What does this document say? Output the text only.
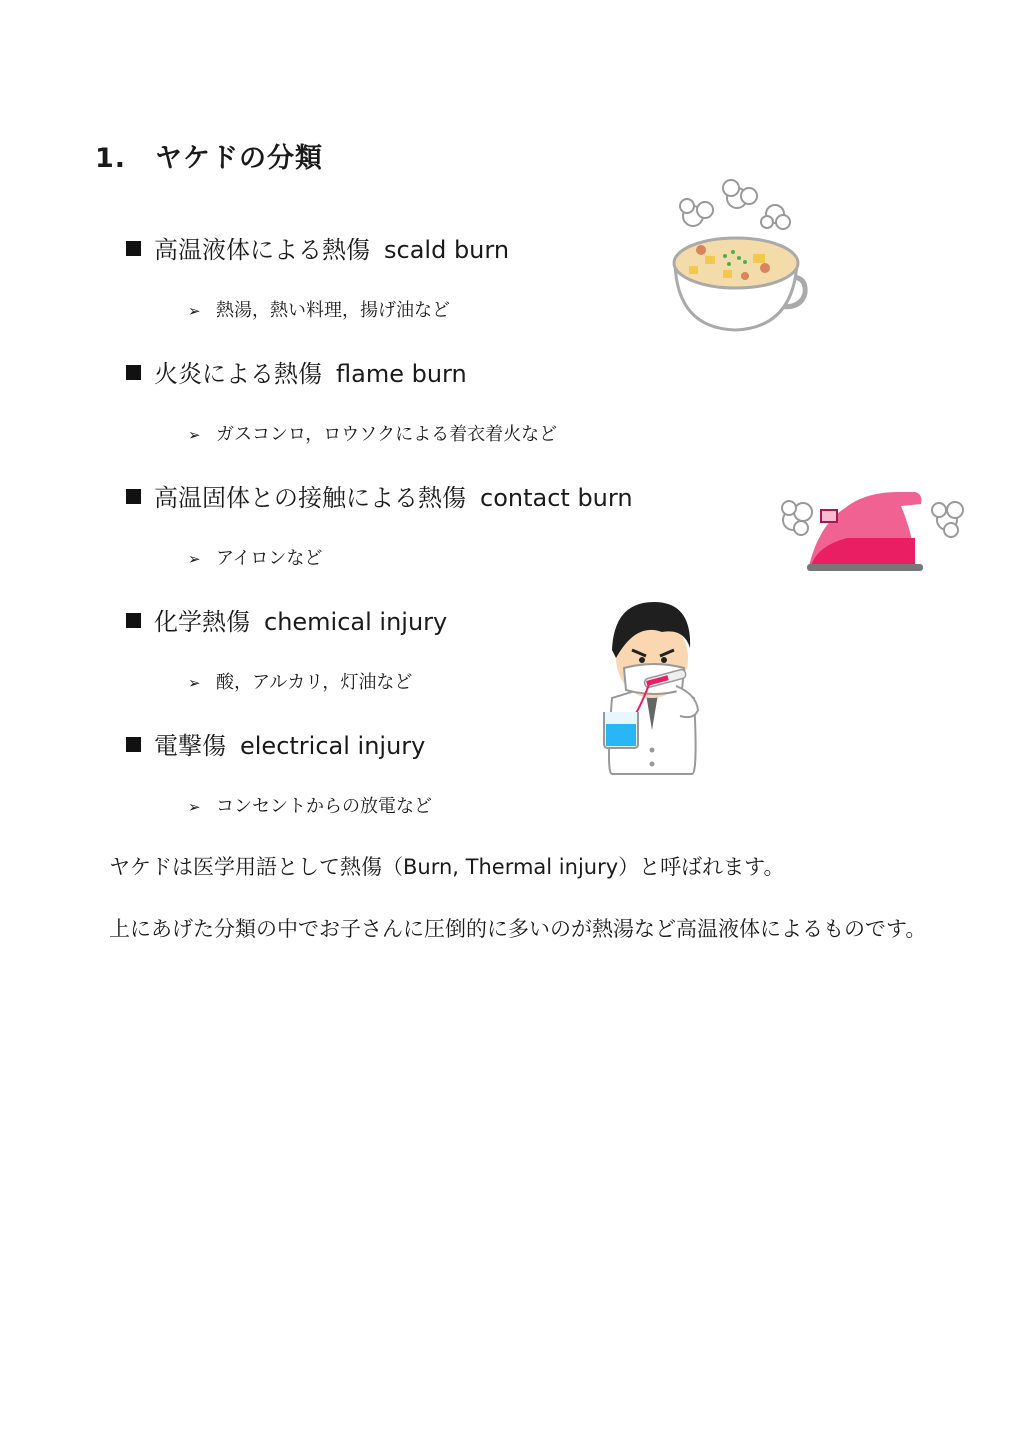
1. ヤケドの分類
高温液体による熱傷 scald burn
➢ 熱湯，熱い料理，揚げ油など
火炎による熱傷 flame burn
➢ ガスコンロ，ロウソクによる着衣着火など
高温固体との接触による熱傷 contact burn
➢ アイロンなど
化学熱傷 chemical injury
➢ 酸，アルカリ，灯油など
電撃傷 electrical injury
➢ コンセントからの放電など

ヤケドは医学用語として熱傷（Burn, Thermal injury）と呼ばれます。

上にあげた分類の中でお子さんに圧倒的に多いのが熱湯など高温液体によるものです。
